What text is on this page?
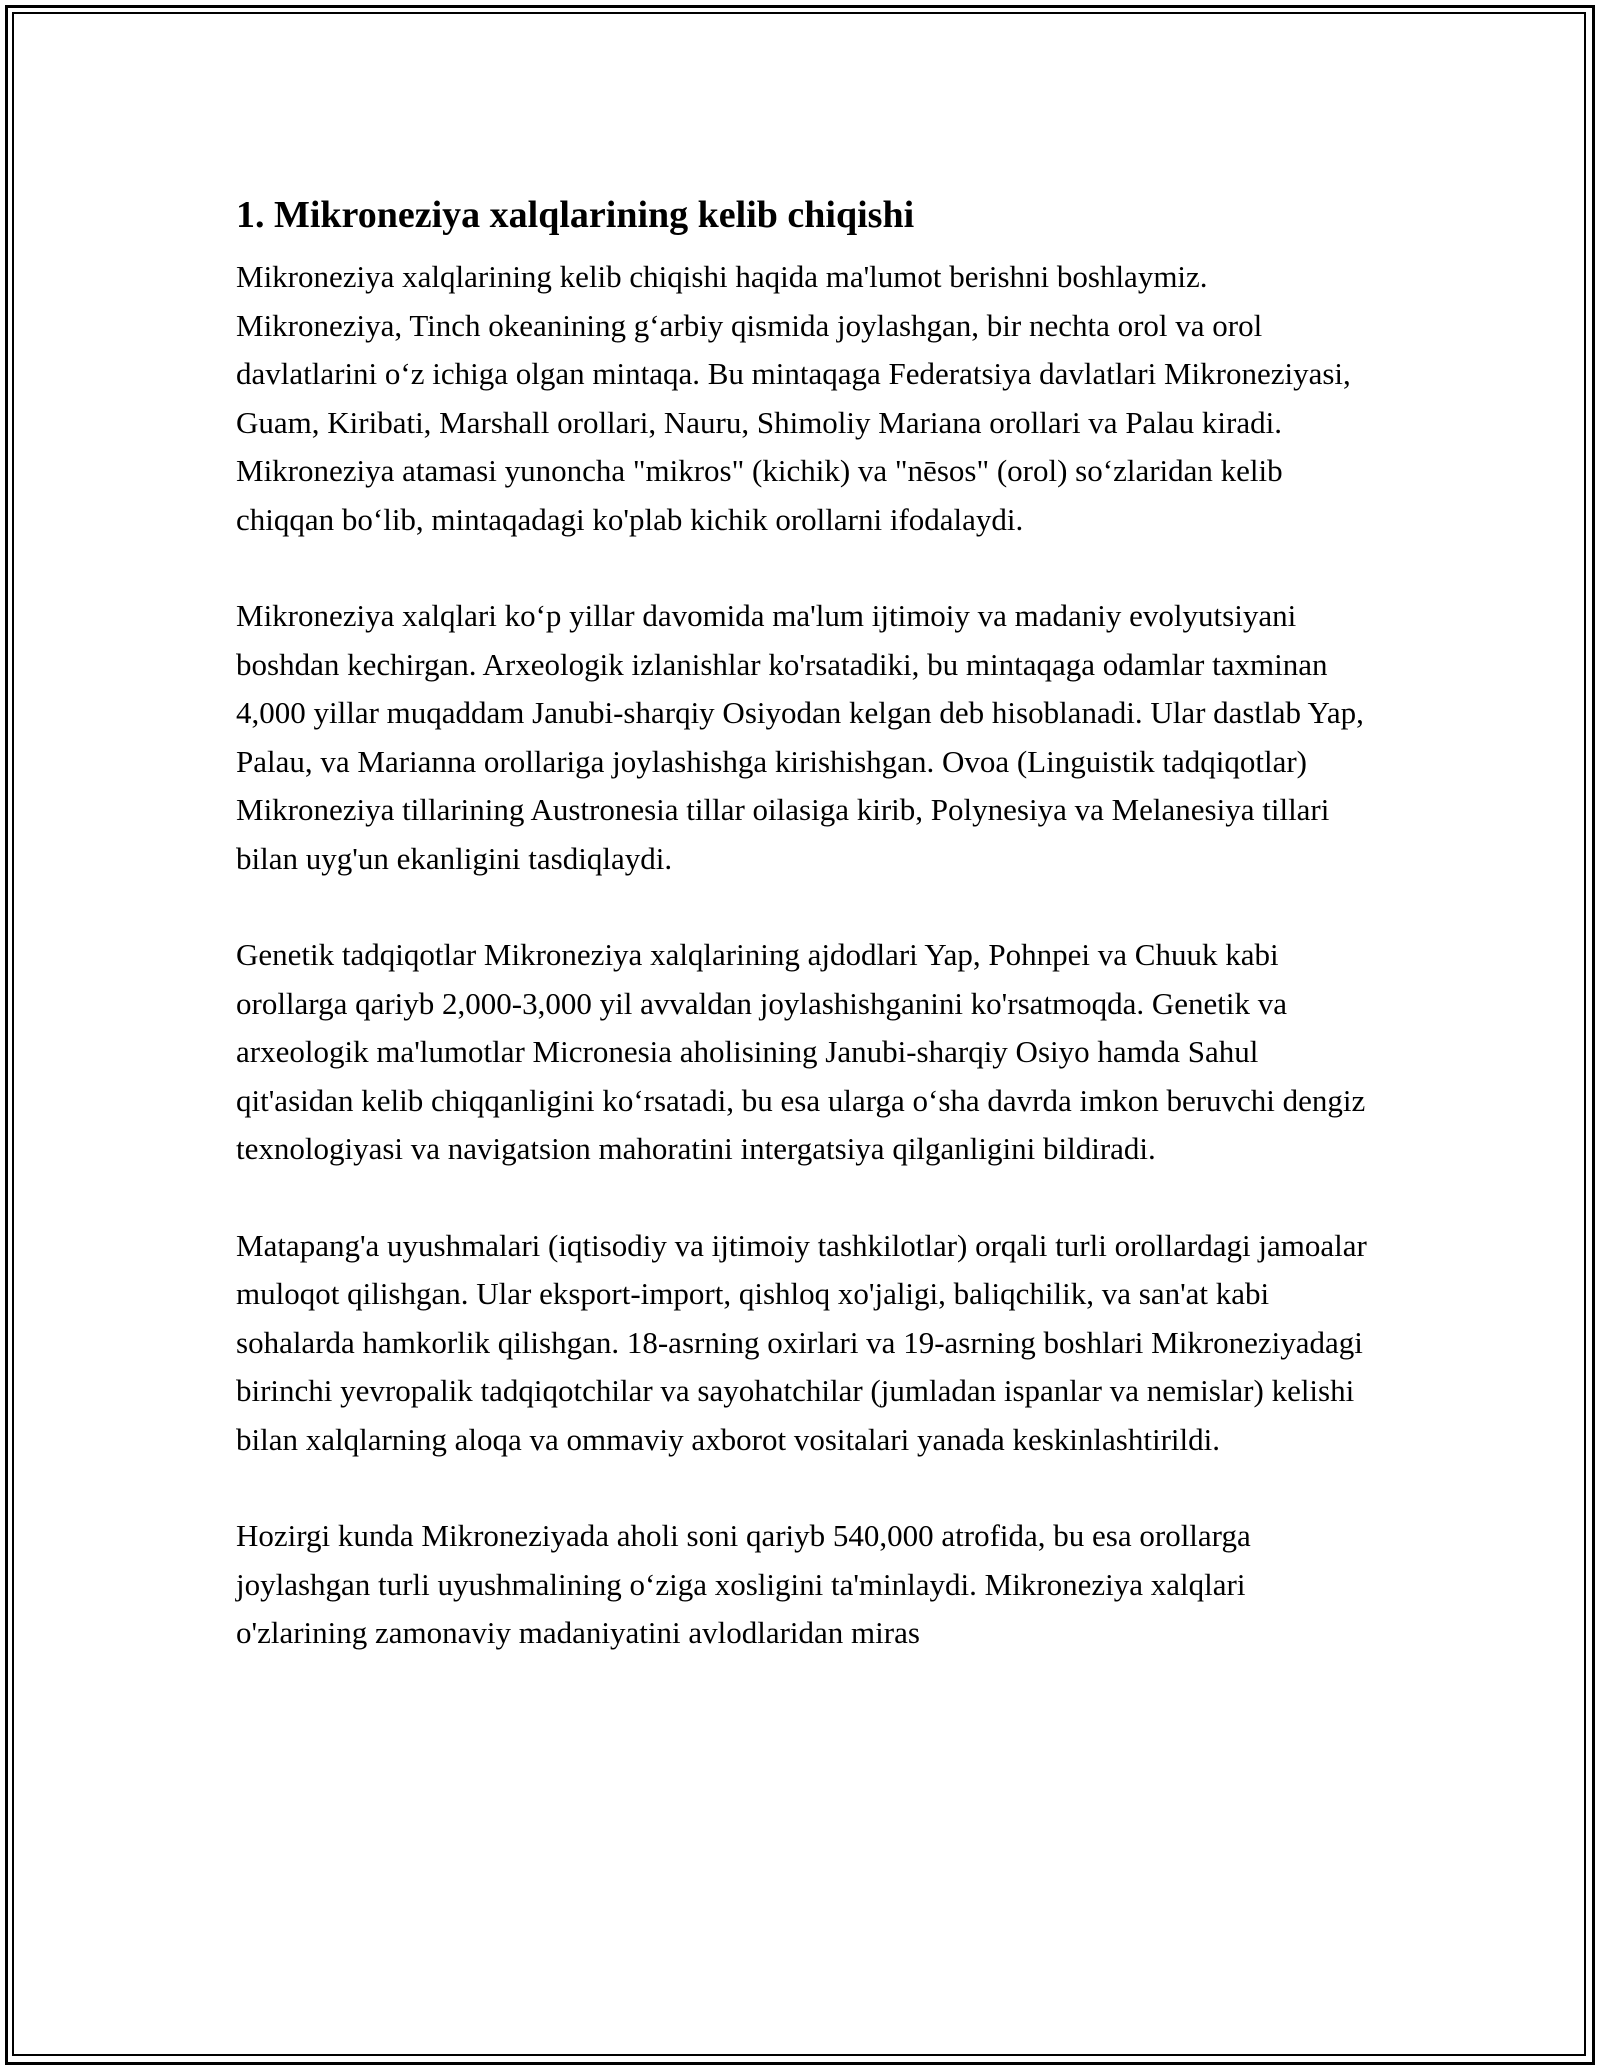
1. Mikroneziya xalqlarining kelib chiqishi

Mikroneziya xalqlarining kelib chiqishi haqida ma'lumot berishni boshlaymiz. Mikroneziya, Tinch okeanining g‘arbiy qismida joylashgan, bir nechta orol va orol davlatlarini o‘z ichiga olgan mintaqa. Bu mintaqaga Federatsiya davlatlari Mikroneziyasi, Guam, Kiribati, Marshall orollari, Nauru, Shimoliy Mariana orollari va Palau kiradi. Mikroneziya atamasi yunoncha "mikros" (kichik) va "nēsos" (orol) so‘zlaridan kelib chiqqan bo‘lib, mintaqadagi ko'plab kichik orollarni ifodalaydi.

Mikroneziya xalqlari ko‘p yillar davomida ma'lum ijtimoiy va madaniy evolyutsiyani boshdan kechirgan. Arxeologik izlanishlar ko'rsatadiki, bu mintaqaga odamlar taxminan 4,000 yillar muqaddam Janubi-sharqiy Osiyodan kelgan deb hisoblanadi. Ular dastlab Yap, Palau, va Marianna orollariga joylashishga kirishishgan. Ovoa (Linguistik tadqiqotlar) Mikroneziya tillarining Austronesia tillar oilasiga kirib, Polynesiya va Melanesiya tillari bilan uyg'un ekanligini tasdiqlaydi.

Genetik tadqiqotlar Mikroneziya xalqlarining ajdodlari Yap, Pohnpei va Chuuk kabi orollarga qariyb 2,000-3,000 yil avvaldan joylashishganini ko'rsatmoqda. Genetik va arxeologik ma'lumotlar Micronesia aholisining Janubi-sharqiy Osiyo hamda Sahul qit'asidan kelib chiqqanligini ko‘rsatadi, bu esa ularga o‘sha davrda imkon beruvchi dengiz texnologiyasi va navigatsion mahoratini intergatsiya qilganligini bildiradi.

Matapang'a uyushmalari (iqtisodiy va ijtimoiy tashkilotlar) orqali turli orollardagi jamoalar muloqot qilishgan. Ular eksport-import, qishloq xo'jaligi, baliqchilik, va san'at kabi sohalarda hamkorlik qilishgan. 18-asrning oxirlari va 19-asrning boshlari Mikroneziyadagi birinchi yevropalik tadqiqotchilar va sayohatchilar (jumladan ispanlar va nemislar) kelishi bilan xalqlarning aloqa va ommaviy axborot vositalari yanada keskinlashtirildi.

Hozirgi kunda Mikroneziyada aholi soni qariyb 540,000 atrofida, bu esa orollarga joylashgan turli uyushmalining o‘ziga xosligini ta'minlaydi. Mikroneziya xalqlari o'zlarining zamonaviy madaniyatini avlodlaridan miras
